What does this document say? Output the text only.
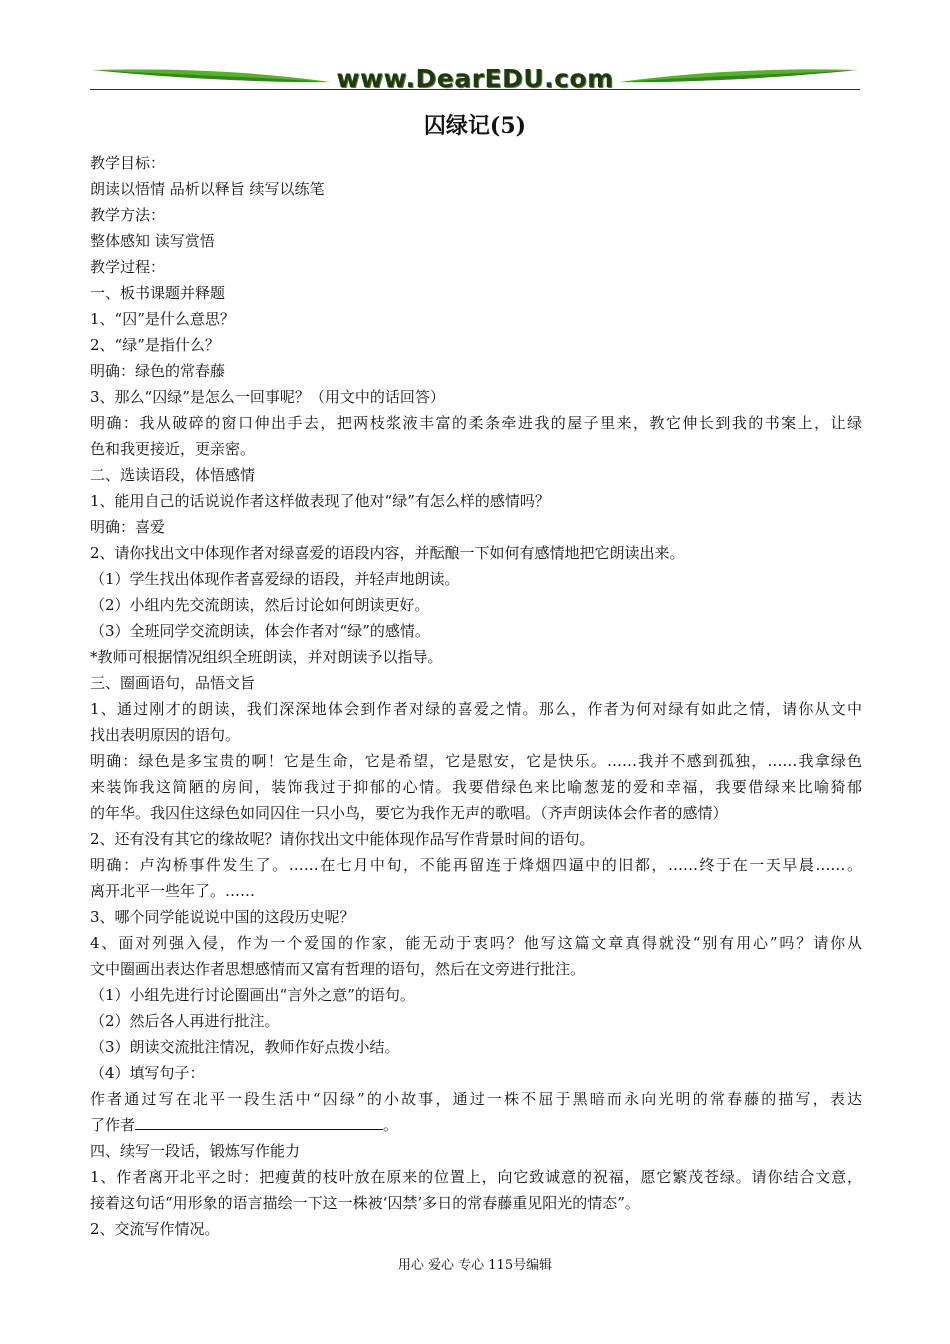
www.DearEDU.com
囚绿记(5)
教学目标：
朗读以悟情 品析以释旨 续写以练笔
教学方法：
整体感知 读写赏悟
教学过程：
一、板书课题并释题
1、“囚”是什么意思？
2、“绿”是指什么？
明确：绿色的常春藤
3、那么“囚绿”是怎么一回事呢？（用文中的话回答）
明确：我从破碎的窗口伸出手去，把两枝浆液丰富的柔条牵进我的屋子里来，教它伸长到我的书案上，让绿
色和我更接近，更亲密。
二、选读语段，体悟感情
1、能用自己的话说说作者这样做表现了他对“绿”有怎么样的感情吗？
明确：喜爱
2、请你找出文中体现作者对绿喜爱的语段内容，并酝酿一下如何有感情地把它朗读出来。
（1）学生找出体现作者喜爱绿的语段，并轻声地朗读。
（2）小组内先交流朗读，然后讨论如何朗读更好。
（3）全班同学交流朗读，体会作者对“绿”的感情。
*教师可根据情况组织全班朗读，并对朗读予以指导。
三、圈画语句，品悟文旨
1、通过刚才的朗读，我们深深地体会到作者对绿的喜爱之情。那么，作者为何对绿有如此之情，请你从文中
找出表明原因的语句。
明确：绿色是多宝贵的啊！它是生命，它是希望，它是慰安，它是快乐。……我并不感到孤独，……我拿绿色
来装饰我这简陋的房间，装饰我过于抑郁的心情。我要借绿色来比喻葱茏的爱和幸福，我要借绿来比喻猗郁
的年华。我囚住这绿色如同囚住一只小鸟，要它为我作无声的歌唱。（齐声朗读体会作者的感情）
2、还有没有其它的缘故呢？请你找出文中能体现作品写作背景时间的语句。
明确：卢沟桥事件发生了。……在七月中旬，不能再留连于烽烟四逼中的旧都，……终于在一天早晨……。
离开北平一些年了。……
3、哪个同学能说说中国的这段历史呢？
4、面对列强入侵，作为一个爱国的作家，能无动于衷吗？他写这篇文章真得就没“别有用心”吗？请你从
文中圈画出表达作者思想感情而又富有哲理的语句，然后在文旁进行批注。
（1）小组先进行讨论圈画出“言外之意”的语句。
（2）然后各人再进行批注。
（3）朗读交流批注情况，教师作好点拨小结。
（4）填写句子：
作者通过写在北平一段生活中“囚绿”的小故事，通过一株不屈于黑暗而永向光明的常春藤的描写，表达
了作者	。
四、续写一段话，锻炼写作能力
1、作者离开北平之时：把瘦黄的枝叶放在原来的位置上，向它致诚意的祝福，愿它繁茂苍绿。请你结合文意，
接着这句话“用形象的语言描绘一下这一株被‘囚禁’多日的常春藤重见阳光的情态”。
2、交流写作情况。
用心 爱心 专心 115号编辑
